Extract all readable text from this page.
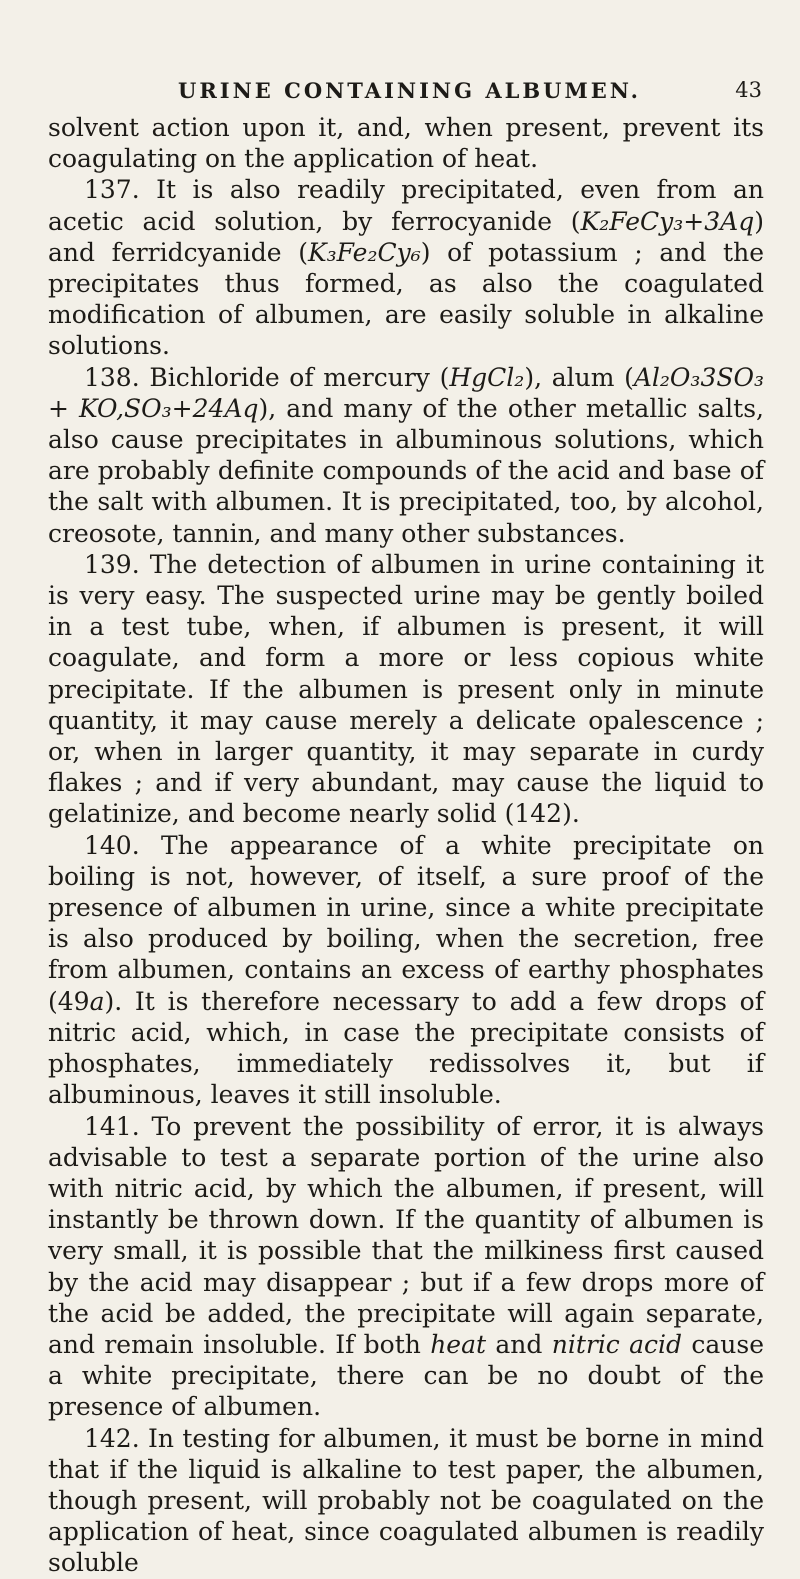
URINE CONTAINING ALBUMEN.	43

solvent action upon it, and, when present, prevent its coagulating on the application of heat.

137. It is also readily precipitated, even from an acetic acid solution, by ferrocyanide (K₂FeCy₃+3Aq) and ferridcyanide (K₃Fe₂Cy₆) of potassium ; and the precipitates thus formed, as also the coagulated modification of albumen, are easily soluble in alkaline solutions.

138. Bichloride of mercury (HgCl₂), alum (Al₂O₃3SO₃ + KO,SO₃+24Aq), and many of the other metallic salts, also cause precipitates in albuminous solutions, which are probably definite compounds of the acid and base of the salt with albumen. It is precipitated, too, by alcohol, creosote, tannin, and many other substances.

139. The detection of albumen in urine containing it is very easy. The suspected urine may be gently boiled in a test tube, when, if albumen is present, it will coagulate, and form a more or less copious white precipitate. If the albumen is present only in minute quantity, it may cause merely a delicate opalescence ; or, when in larger quantity, it may separate in curdy flakes ; and if very abundant, may cause the liquid to gelatinize, and become nearly solid (142).

140. The appearance of a white precipitate on boiling is not, however, of itself, a sure proof of the presence of albumen in urine, since a white precipitate is also produced by boiling, when the secretion, free from albumen, contains an excess of earthy phosphates (49a). It is therefore necessary to add a few drops of nitric acid, which, in case the precipitate consists of phosphates, immediately redissolves it, but if albuminous, leaves it still insoluble.

141. To prevent the possibility of error, it is always advisable to test a separate portion of the urine also with nitric acid, by which the albumen, if present, will instantly be thrown down. If the quantity of albumen is very small, it is possible that the milkiness first caused by the acid may disappear ; but if a few drops more of the acid be added, the precipitate will again separate, and remain insoluble. If both heat and nitric acid cause a white precipitate, there can be no doubt of the presence of albumen.

142. In testing for albumen, it must be borne in mind that if the liquid is alkaline to test paper, the albumen, though present, will probably not be coagulated on the application of heat, since coagulated albumen is readily soluble
